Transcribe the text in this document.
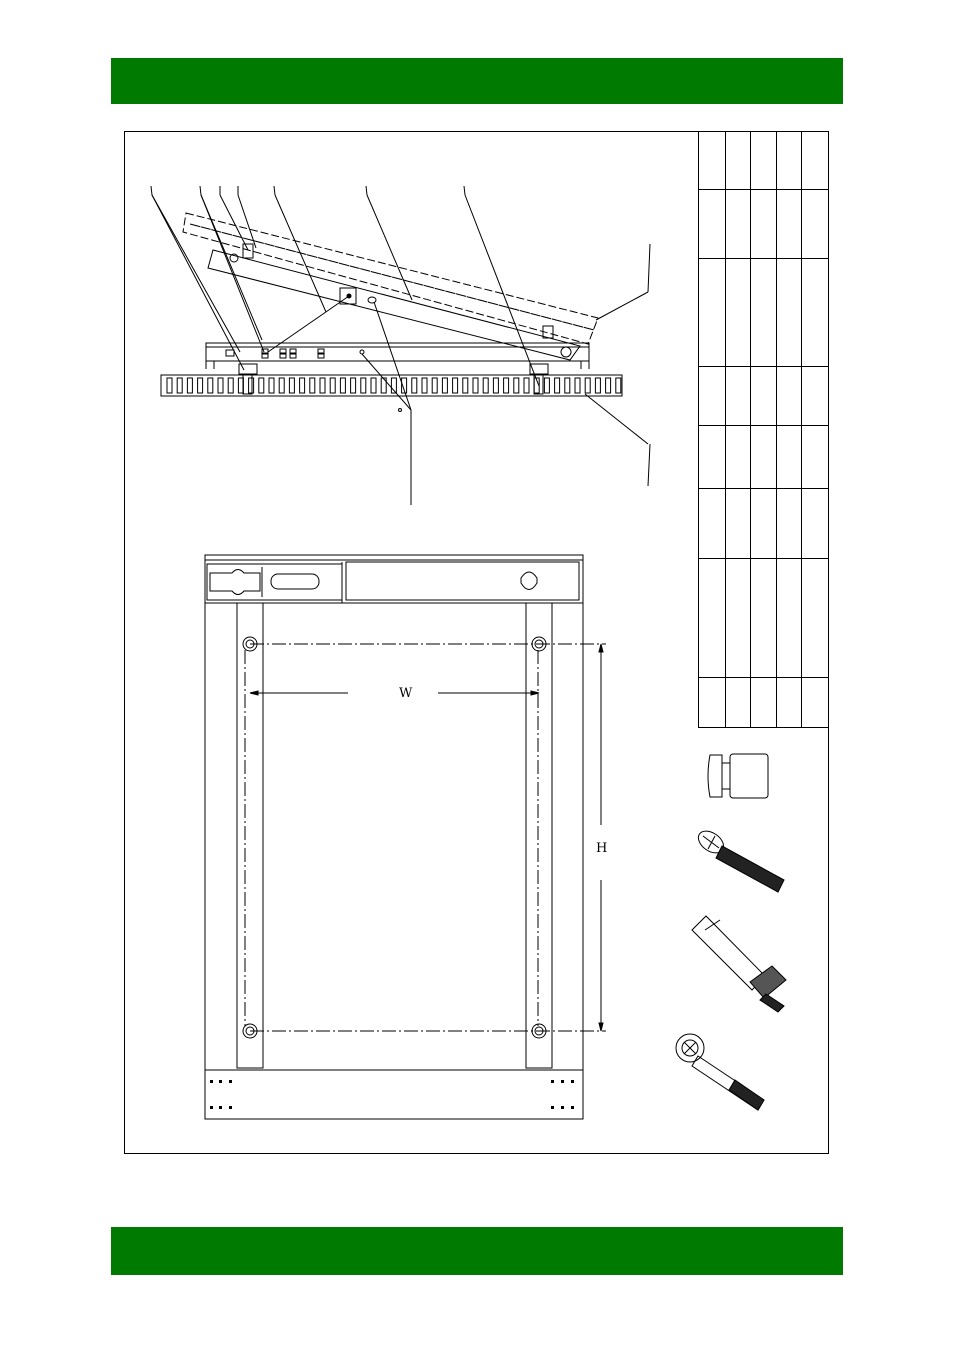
W
H
